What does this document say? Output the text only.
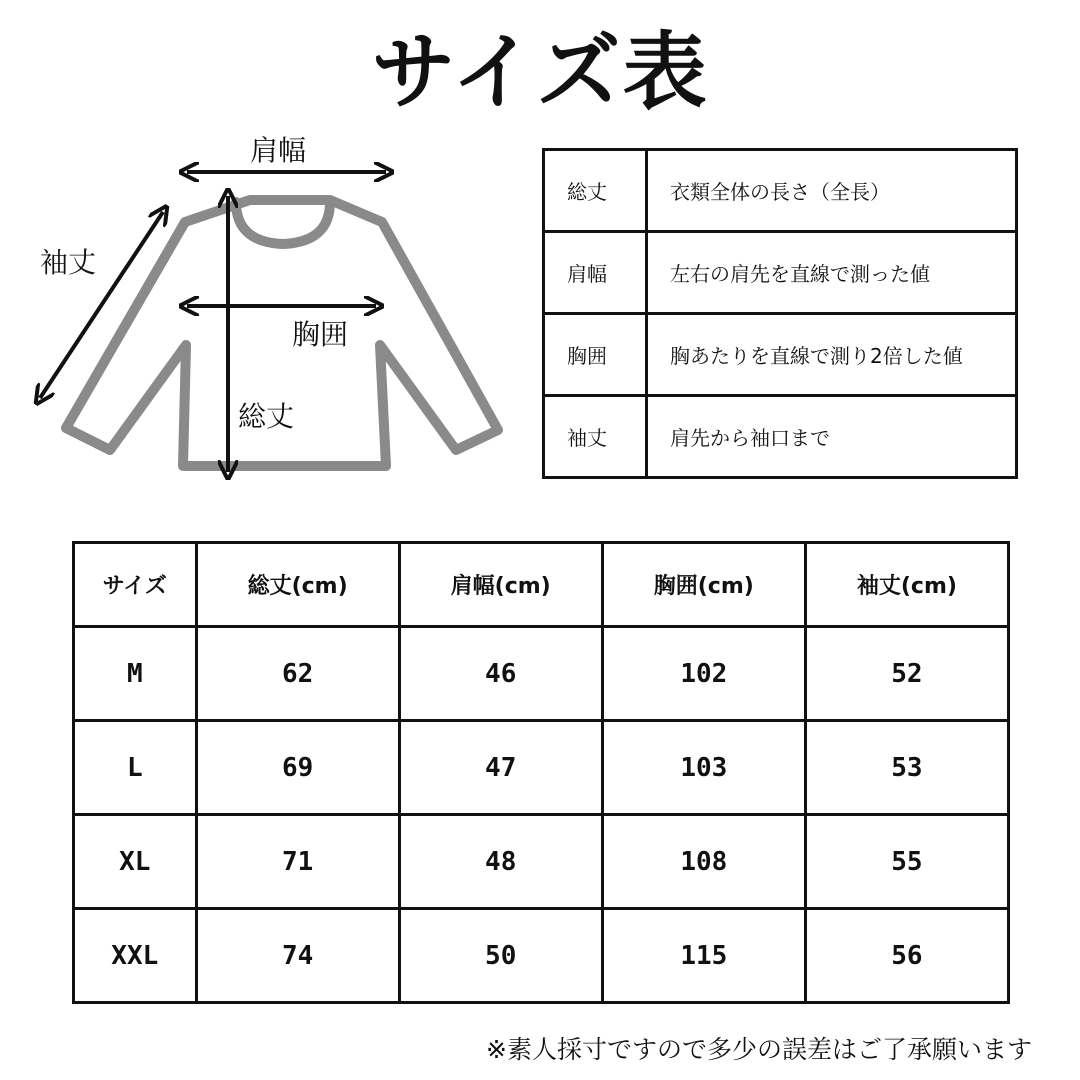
サイズ表
肩幅
袖丈
胸囲
総丈
総丈	衣類全体の長さ（全長）
肩幅	左右の肩先を直線で測った値
胸囲	胸あたりを直線で測り2倍した値
袖丈	肩先から袖口まで
サイズ	総丈(cm)	肩幅(cm)	胸囲(cm)	袖丈(cm)
M	62	46	102	52
L	69	47	103	53
XL	71	48	108	55
XXL	74	50	115	56
※素人採寸ですので多少の誤差はご了承願います
